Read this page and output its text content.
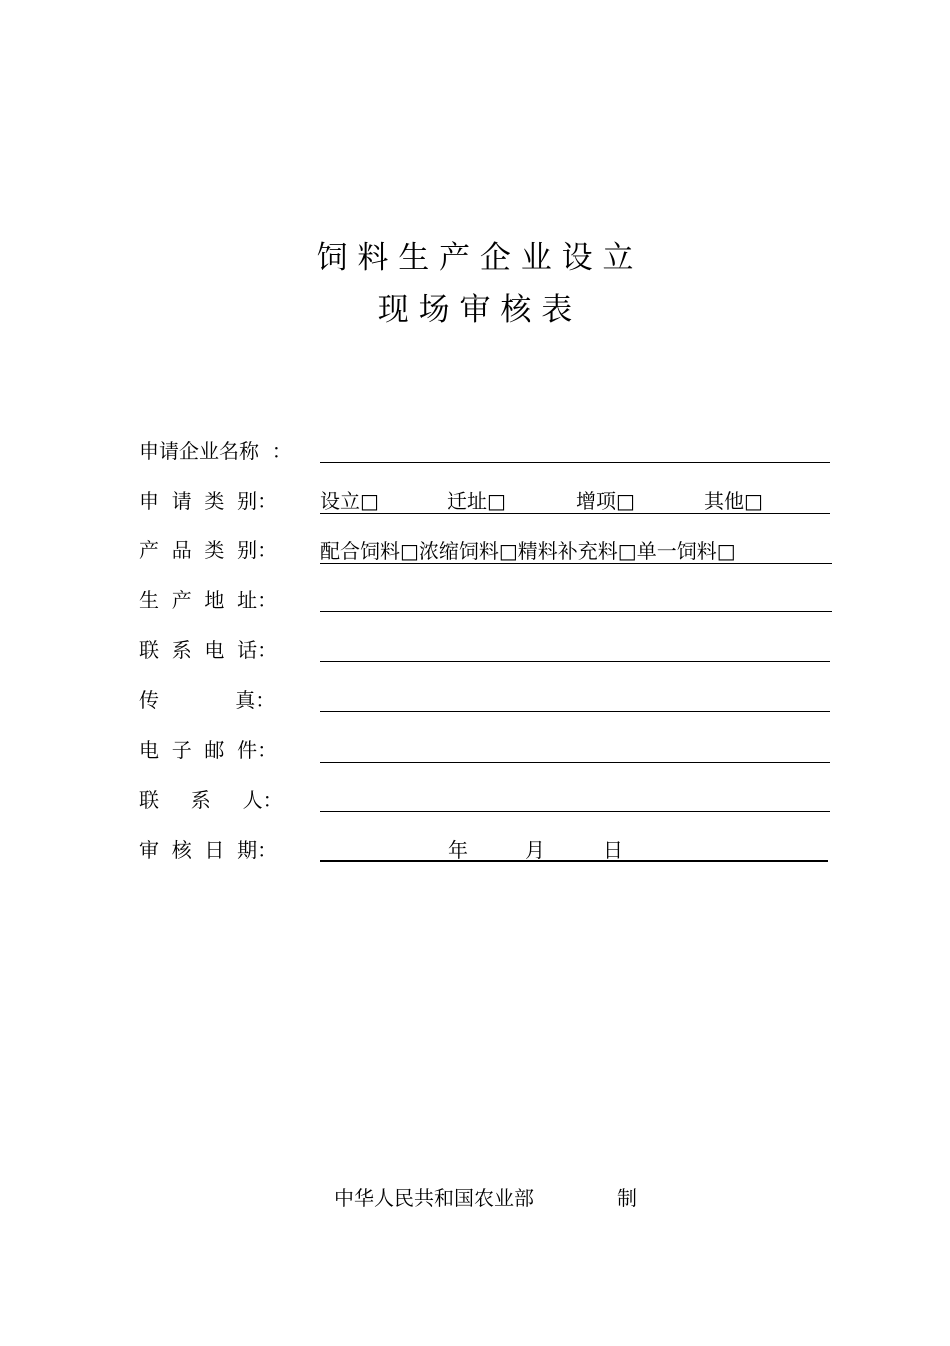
饲 料 生 产 企 业 设 立
现 场 审 核 表
申请企业名称  ：
申  请  类  别： 设立□	迁址□	增项□	其他□
产  品  类  别： 配合饲料□浓缩饲料□精料补充料□单一饲料□
生  产  地  址：
联  系  电  话：
传            真：
电  子  邮  件：
联     系     人：
审  核  日  期：	年	月	日
中华人民共和国农业部	制
